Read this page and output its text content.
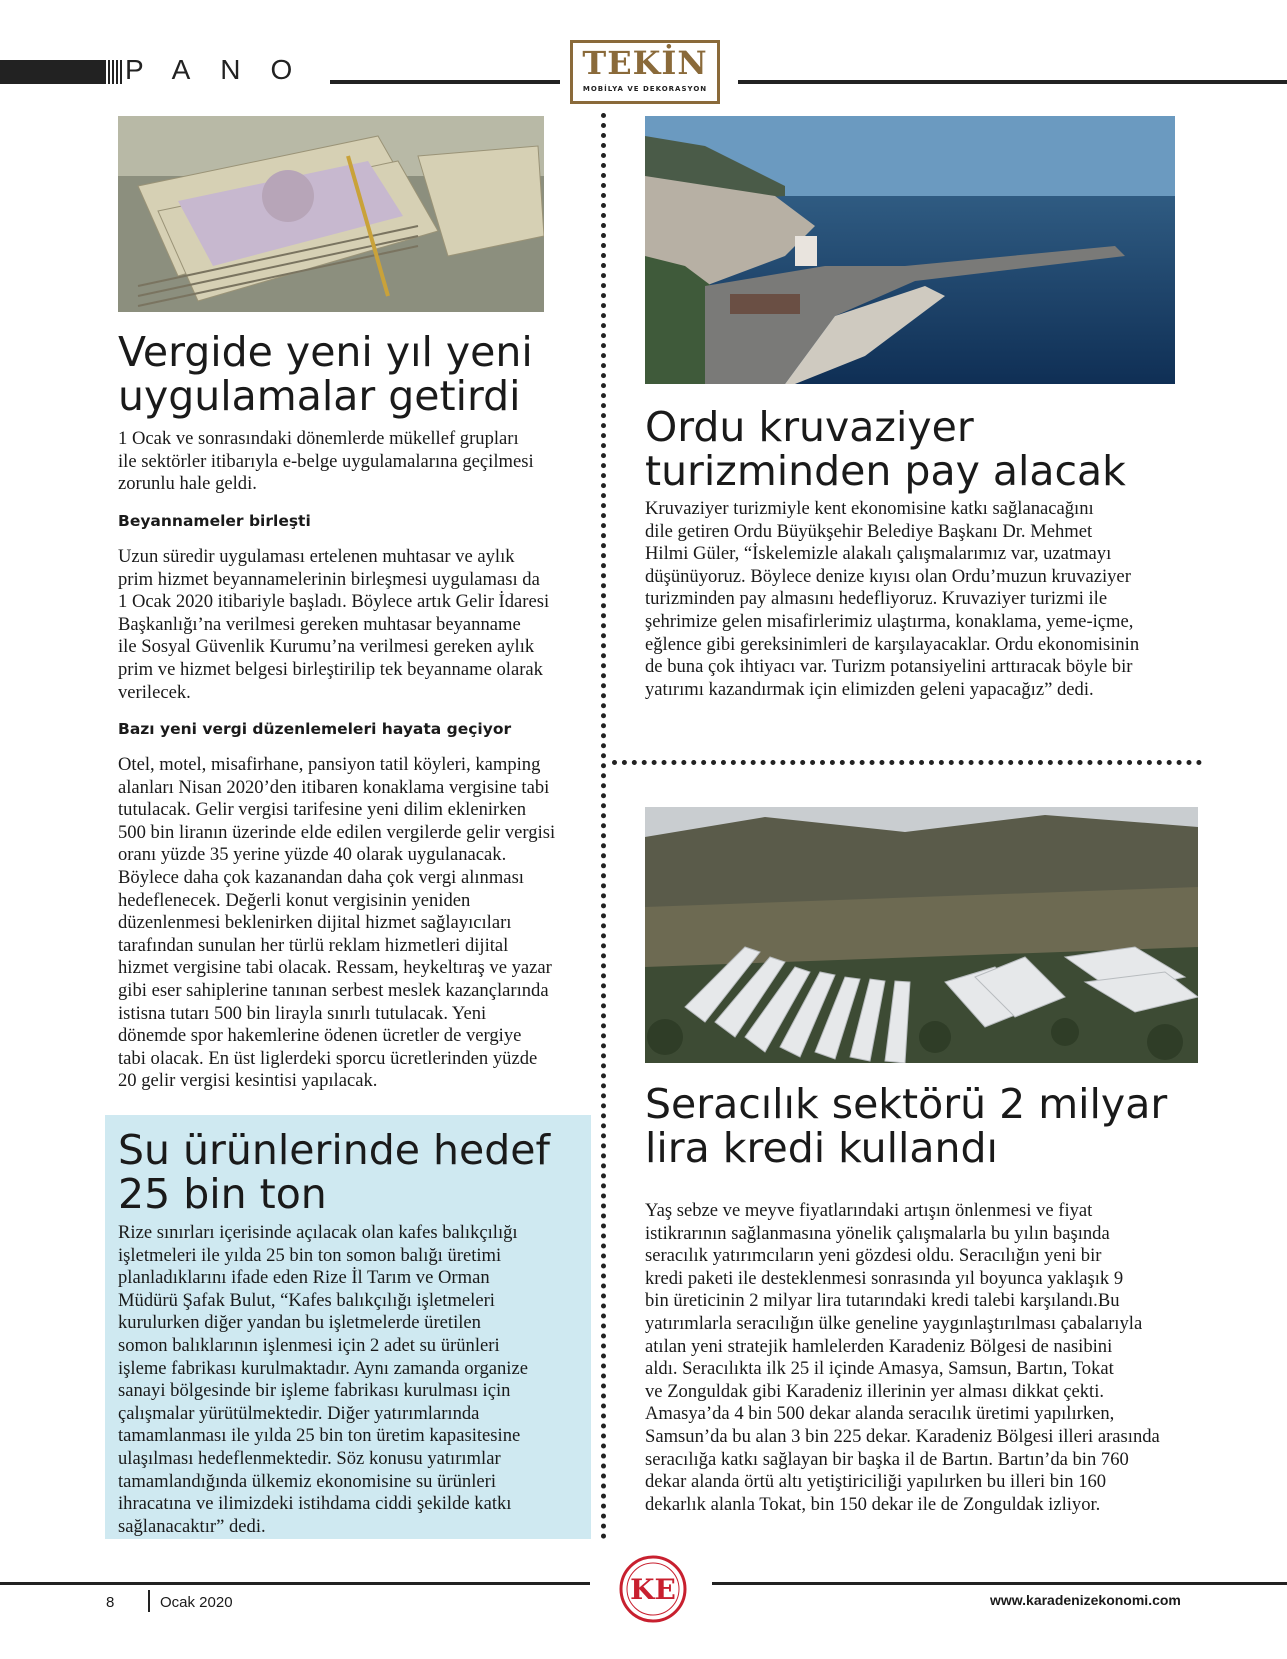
PANO	TEKİN
MOBİLYA VE DEKORASYON
Vergide yeni yıl yeni
uygulamalar getirdi
1 Ocak ve sonrasındaki dönemlerde mükellef grupları
ile sektörler itibarıyla e-belge uygulamalarına geçilmesi
zorunlu hale geldi.
Beyannameler birleşti
Uzun süredir uygulaması ertelenen muhtasar ve aylık
prim hizmet beyannamelerinin birleşmesi uygulaması da
1 Ocak 2020 itibariyle başladı. Böylece artık Gelir İdaresi
Başkanlığı’na verilmesi gereken muhtasar beyanname
ile Sosyal Güvenlik Kurumu’na verilmesi gereken aylık
prim ve hizmet belgesi birleştirilip tek beyanname olarak
verilecek.
Bazı yeni vergi düzenlemeleri hayata geçiyor
Otel, motel, misafirhane, pansiyon tatil köyleri, kamping
alanları Nisan 2020’den itibaren konaklama vergisine tabi
tutulacak. Gelir vergisi tarifesine yeni dilim eklenirken
500 bin liranın üzerinde elde edilen vergilerde gelir vergisi
oranı yüzde 35 yerine yüzde 40 olarak uygulanacak.
Böylece daha çok kazanandan daha çok vergi alınması
hedeflenecek. Değerli konut vergisinin yeniden
düzenlenmesi beklenirken dijital hizmet sağlayıcıları
tarafından sunulan her türlü reklam hizmetleri dijital
hizmet vergisine tabi olacak. Ressam, heykeltıraş ve yazar
gibi eser sahiplerine tanınan serbest meslek kazançlarında
istisna tutarı 500 bin lirayla sınırlı tutulacak. Yeni
dönemde spor hakemlerine ödenen ücretler de vergiye
tabi olacak. En üst liglerdeki sporcu ücretlerinden yüzde
20 gelir vergisi kesintisi yapılacak.
Su ürünlerinde hedef
25 bin ton
Rize sınırları içerisinde açılacak olan kafes balıkçılığı
işletmeleri ile yılda 25 bin ton somon balığı üretimi
planladıklarını ifade eden Rize İl Tarım ve Orman
Müdürü Şafak Bulut, “Kafes balıkçılığı işletmeleri
kurulurken diğer yandan bu işletmelerde üretilen
somon balıklarının işlenmesi için 2 adet su ürünleri
işleme fabrikası kurulmaktadır. Aynı zamanda organize
sanayi bölgesinde bir işleme fabrikası kurulması için
çalışmalar yürütülmektedir. Diğer yatırımlarında
tamamlanması ile yılda 25 bin ton üretim kapasitesine
ulaşılması hedeflenmektedir. Söz konusu yatırımlar
tamamlandığında ülkemiz ekonomisine su ürünleri
ihracatına ve ilimizdeki istihdama ciddi şekilde katkı
sağlanacaktır” dedi.
Ordu kruvaziyer
turizminden pay alacak
Kruvaziyer turizmiyle kent ekonomisine katkı sağlanacağını
dile getiren Ordu Büyükşehir Belediye Başkanı Dr. Mehmet
Hilmi Güler, “İskelemizle alakalı çalışmalarımız var, uzatmayı
düşünüyoruz. Böylece denize kıyısı olan Ordu’muzun kruvaziyer
turizminden pay almasını hedefliyoruz. Kruvaziyer turizmi ile
şehrimize gelen misafirlerimiz ulaştırma, konaklama, yeme-içme,
eğlence gibi gereksinimleri de karşılayacaklar. Ordu ekonomisinin
de buna çok ihtiyacı var. Turizm potansiyelini arttıracak böyle bir
yatırımı kazandırmak için elimizden geleni yapacağız” dedi.
Seracılık sektörü 2 milyar
lira kredi kullandı
Yaş sebze ve meyve fiyatlarındaki artışın önlenmesi ve fiyat
istikrarının sağlanmasına yönelik çalışmalarla bu yılın başında
seracılık yatırımcıların yeni gözdesi oldu. Seracılığın yeni bir
kredi paketi ile desteklenmesi sonrasında yıl boyunca yaklaşık 9
bin üreticinin 2 milyar lira tutarındaki kredi talebi karşılandı.Bu
yatırımlarla seracılığın ülke geneline yaygınlaştırılması çabalarıyla
atılan yeni stratejik hamlelerden Karadeniz Bölgesi de nasibini
aldı. Seracılıkta ilk 25 il içinde Amasya, Samsun, Bartın, Tokat
ve Zonguldak gibi Karadeniz illerinin yer alması dikkat çekti.
Amasya’da 4 bin 500 dekar alanda seracılık üretimi yapılırken,
Samsun’da bu alan 3 bin 225 dekar. Karadeniz Bölgesi illeri arasında
seracılığa katkı sağlayan bir başka il de Bartın. Bartın’da bin 760
dekar alanda örtü altı yetiştiriciliği yapılırken bu illeri bin 160
dekarlık alanla Tokat, bin 150 dekar ile de Zonguldak izliyor.
8	Ocak 2020	www.karadenizekonomi.com
KE
